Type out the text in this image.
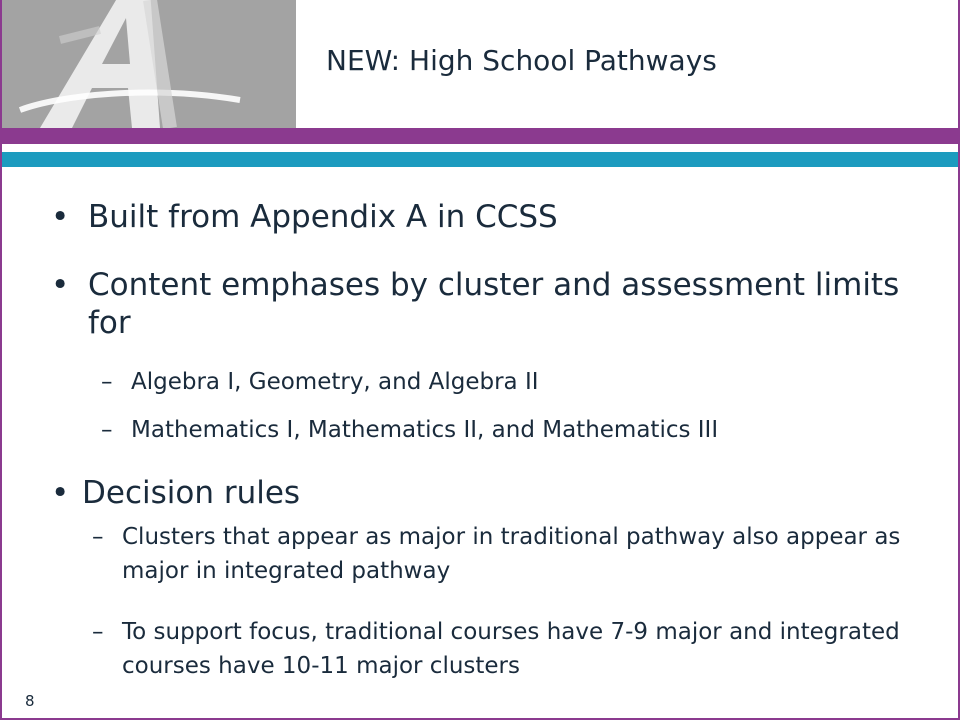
NEW: High School Pathways
• Built from Appendix A in CCSS
• Content emphases by cluster and assessment limits for
– Algebra I, Geometry, and Algebra II
– Mathematics I, Mathematics II, and Mathematics III
• Decision rules
– Clusters that appear as major in traditional pathway also appear as major in integrated pathway
– To support focus, traditional courses have 7-9 major and integrated courses have 10-11 major clusters
8
